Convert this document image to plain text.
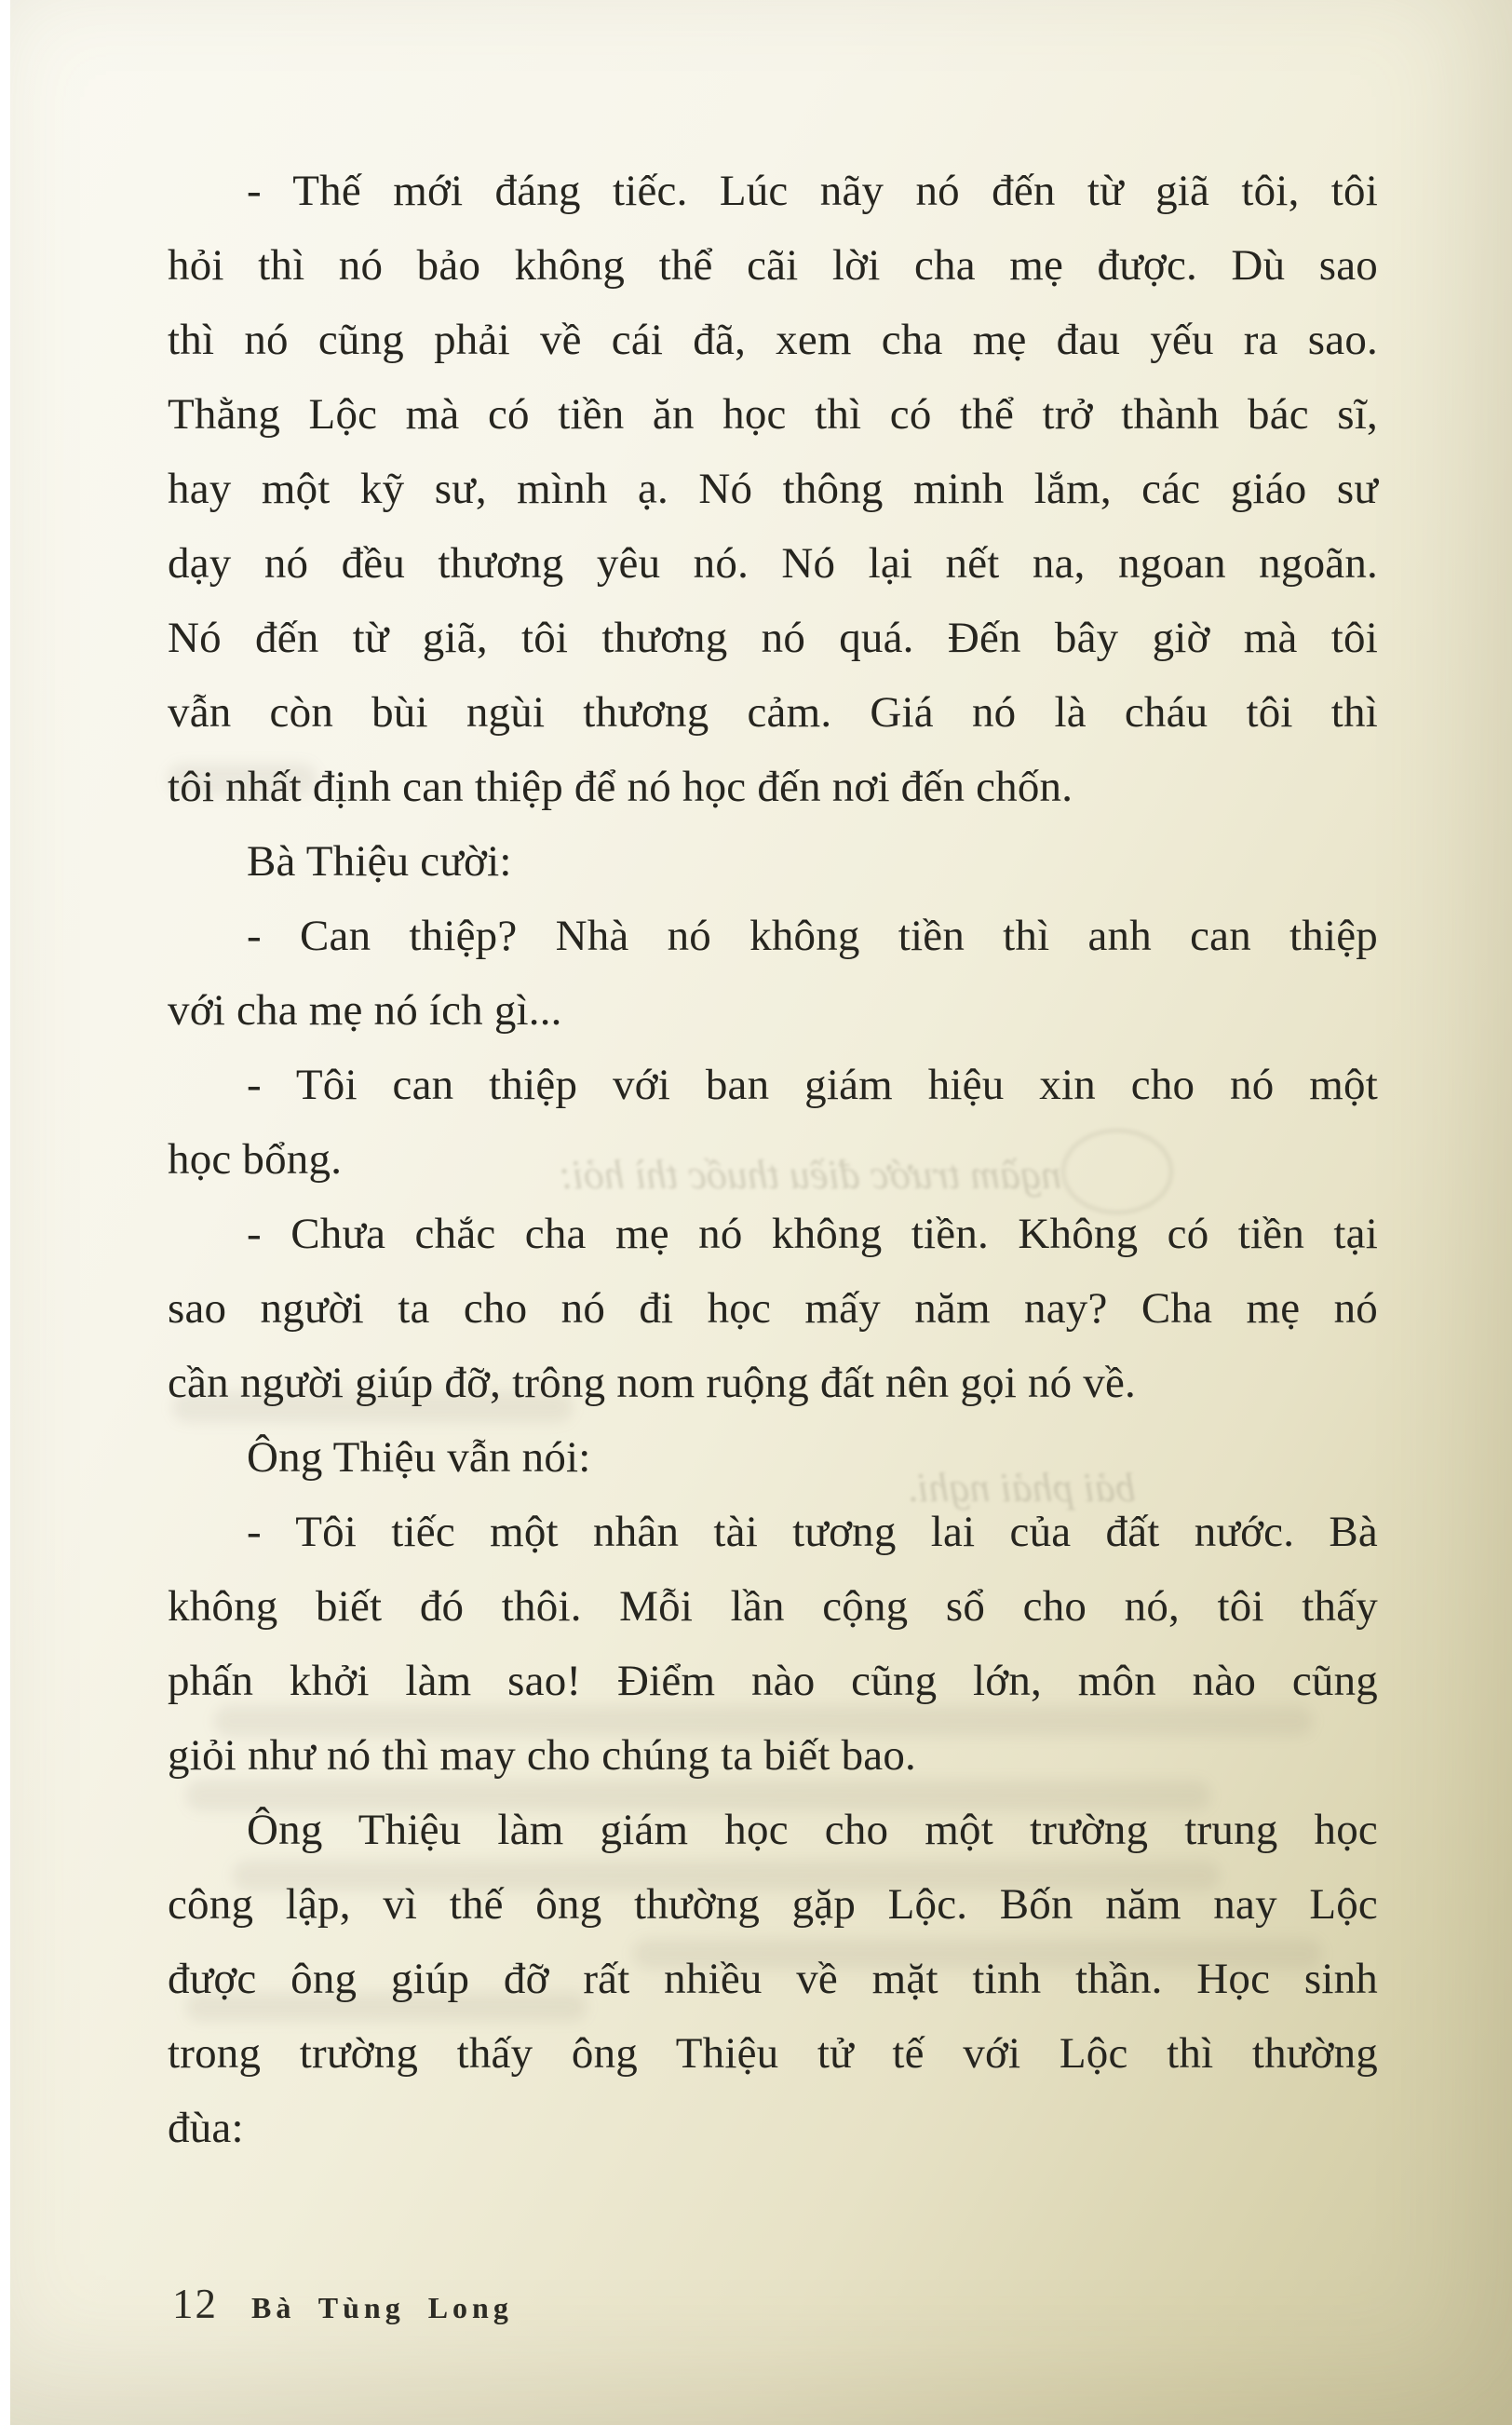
ngầm trước điều thuốc thì hỏi:
bải phải nghi.
- Thế mới đáng tiếc. Lúc nãy nó đến từ giã tôi, tôi
hỏi thì nó bảo không thể cãi lời cha mẹ được. Dù sao
thì nó cũng phải về cái đã, xem cha mẹ đau yếu ra sao.
Thằng Lộc mà có tiền ăn học thì có thể trở thành bác sĩ,
hay một kỹ sư, mình ạ. Nó thông minh lắm, các giáo sư
dạy nó đều thương yêu nó. Nó lại nết na, ngoan ngoãn.
Nó đến từ giã, tôi thương nó quá. Đến bây giờ mà tôi
vẫn còn bùi ngùi thương cảm. Giá nó là cháu tôi thì
tôi nhất định can thiệp để nó học đến nơi đến chốn.
Bà Thiệu cười:
- Can thiệp? Nhà nó không tiền thì anh can thiệp
với cha mẹ nó ích gì...
- Tôi can thiệp với ban giám hiệu xin cho nó một
học bổng.
- Chưa chắc cha mẹ nó không tiền. Không có tiền tại
sao người ta cho nó đi học mấy năm nay? Cha mẹ nó
cần người giúp đỡ, trông nom ruộng đất nên gọi nó về.
Ông Thiệu vẫn nói:
- Tôi tiếc một nhân tài tương lai của đất nước. Bà
không biết đó thôi. Mỗi lần cộng sổ cho nó, tôi thấy
phấn khởi làm sao! Điểm nào cũng lớn, môn nào cũng
giỏi như nó thì may cho chúng ta biết bao.
Ông Thiệu làm giám học cho một trường trung học
công lập, vì thế ông thường gặp Lộc. Bốn năm nay Lộc
được ông giúp đỡ rất nhiều về mặt tinh thần. Học sinh
trong trường thấy ông Thiệu tử tế với Lộc thì thường
đùa:
12 Bà Tùng Long
